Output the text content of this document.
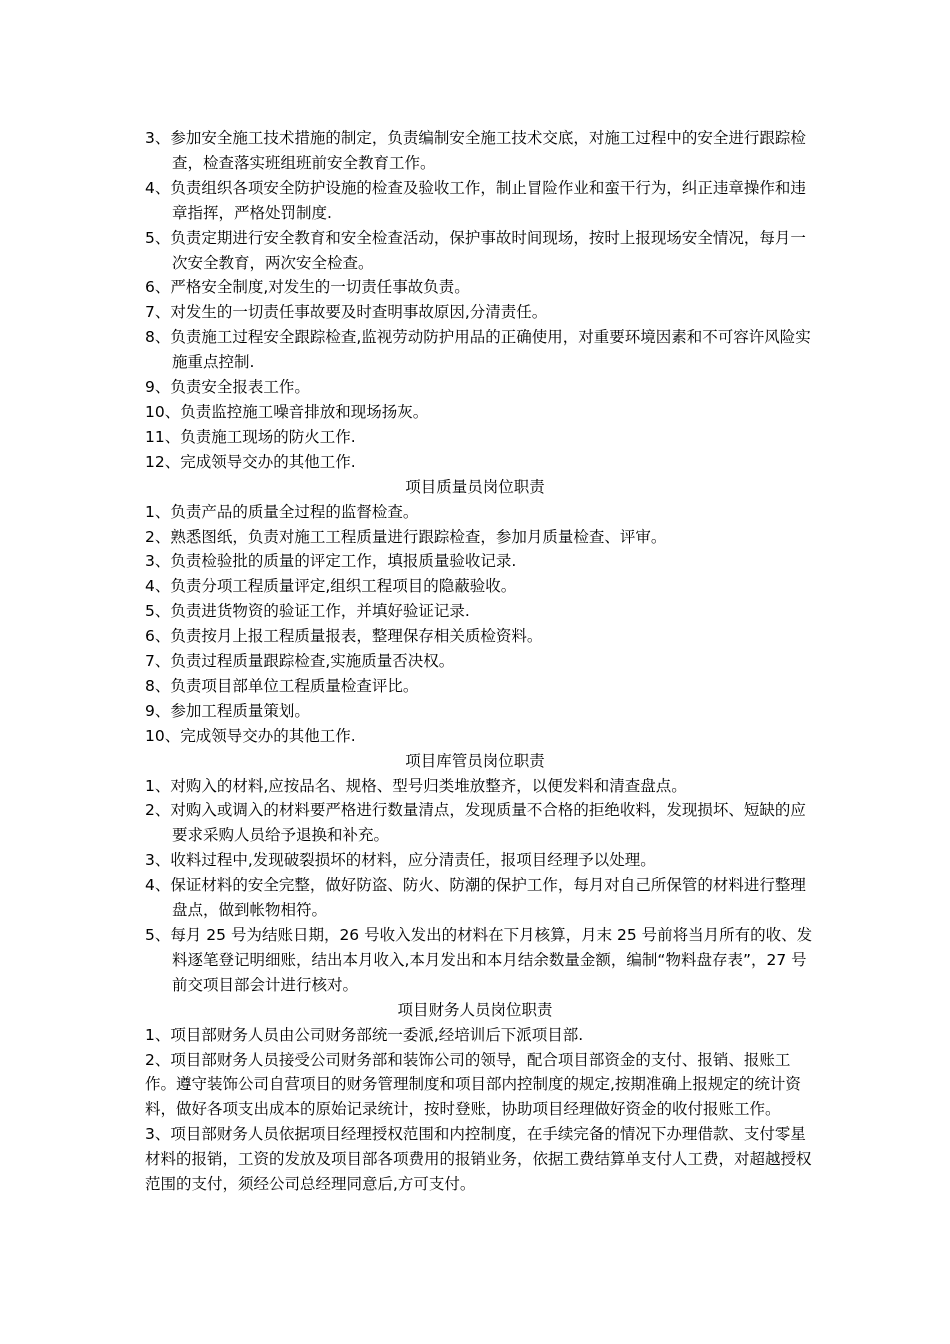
3、参加安全施工技术措施的制定，负责编制安全施工技术交底，对施工过程中的安全进行跟踪检查，检查落实班组班前安全教育工作。
4、负责组织各项安全防护设施的检查及验收工作，制止冒险作业和蛮干行为，纠正违章操作和违章指挥，严格处罚制度.
5、负责定期进行安全教育和安全检查活动，保护事故时间现场，按时上报现场安全情况，每月一次安全教育，两次安全检查。
6、严格安全制度,对发生的一切责任事故负责。
7、对发生的一切责任事故要及时查明事故原因,分清责任。
8、负责施工过程安全跟踪检查,监视劳动防护用品的正确使用，对重要环境因素和不可容许风险实施重点控制.
9、负责安全报表工作。
10、负责监控施工噪音排放和现场扬灰。
11、负责施工现场的防火工作.
12、完成领导交办的其他工作.
项目质量员岗位职责
1、负责产品的质量全过程的监督检查。
2、熟悉图纸，负责对施工工程质量进行跟踪检查，参加月质量检查、评审。
3、负责检验批的质量的评定工作，填报质量验收记录.
4、负责分项工程质量评定,组织工程项目的隐蔽验收。
5、负责进货物资的验证工作，并填好验证记录.
6、负责按月上报工程质量报表，整理保存相关质检资料。
7、负责过程质量跟踪检查,实施质量否决权。
8、负责项目部单位工程质量检查评比。
9、参加工程质量策划。
10、完成领导交办的其他工作.
项目库管员岗位职责
1、对购入的材料,应按品名、规格、型号归类堆放整齐，以便发料和清查盘点。
2、对购入或调入的材料要严格进行数量清点，发现质量不合格的拒绝收料，发现损坏、短缺的应要求采购人员给予退换和补充。
3、收料过程中,发现破裂损坏的材料，应分清责任，报项目经理予以处理。
4、保证材料的安全完整，做好防盗、防火、防潮的保护工作，每月对自己所保管的材料进行整理盘点，做到帐物相符。
5、每月 25 号为结账日期，26 号收入发出的材料在下月核算，月末 25 号前将当月所有的收、发料逐笔登记明细账，结出本月收入,本月发出和本月结余数量金额，编制“物料盘存表”，27 号前交项目部会计进行核对。
项目财务人员岗位职责
1、项目部财务人员由公司财务部统一委派,经培训后下派项目部.
2、项目部财务人员接受公司财务部和装饰公司的领导，配合项目部资金的支付、报销、报账工作。遵守装饰公司自营项目的财务管理制度和项目部内控制度的规定,按期准确上报规定的统计资料，做好各项支出成本的原始记录统计，按时登账，协助项目经理做好资金的收付报账工作。
3、项目部财务人员依据项目经理授权范围和内控制度，在手续完备的情况下办理借款、支付零星材料的报销，工资的发放及项目部各项费用的报销业务，依据工费结算单支付人工费，对超越授权范围的支付，须经公司总经理同意后,方可支付。
